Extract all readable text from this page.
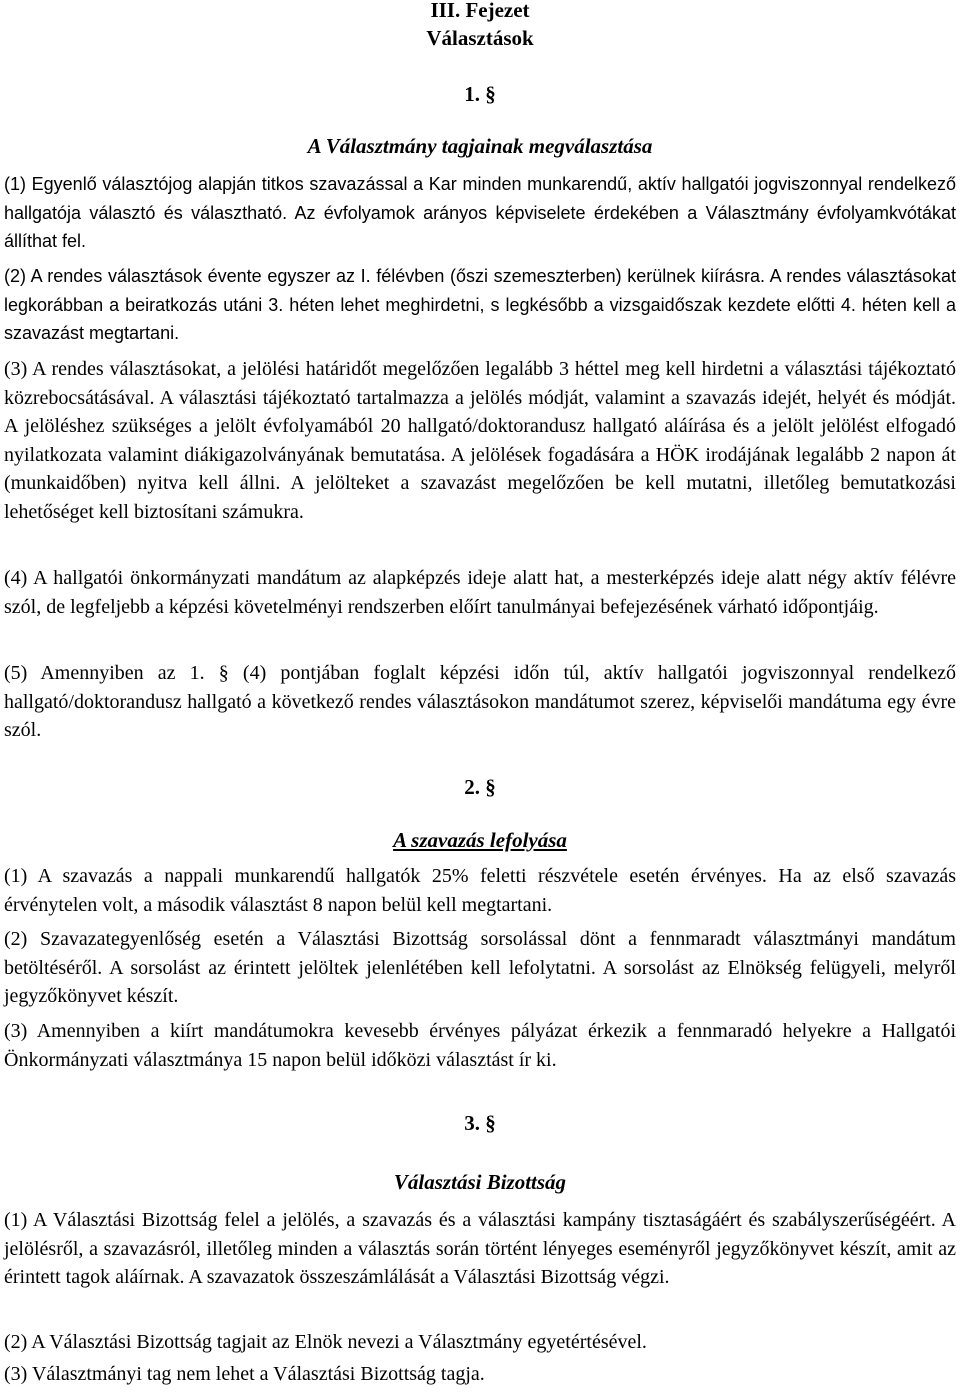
III. Fejezet
Választások
1. §
A Választmány tagjainak megválasztása
(1) Egyenlő választójog alapján titkos szavazással a Kar minden munkarendű, aktív hallgatói jogviszonnyal rendelkező hallgatója választó és választható. Az évfolyamok arányos képviselete érdekében a Választmány évfolyamkvótákat állíthat fel.
(2) A rendes választások évente egyszer az I. félévben (őszi szemeszterben) kerülnek kiírásra. A rendes választásokat legkorábban a beiratkozás utáni 3. héten lehet meghirdetni, s legkésőbb a vizsgaidőszak kezdete előtti 4. héten kell a szavazást megtartani.
(3) A rendes választásokat, a jelölési határidőt megelőzően legalább 3 héttel meg kell hirdetni a választási tájékoztató közrebocsátásával. A választási tájékoztató tartalmazza a jelölés módját, valamint a szavazás idejét, helyét és módját. A jelöléshez szükséges a jelölt évfolyamából 20 hallgató/doktorandusz hallgató aláírása és a jelölt jelölést elfogadó nyilatkozata valamint diákigazolványának bemutatása. A jelölések fogadására a HÖK irodájának legalább 2 napon át (munkaidőben) nyitva kell állni. A jelölteket a szavazást megelőzően be kell mutatni, illetőleg bemutatkozási lehetőséget kell biztosítani számukra.
(4) A hallgatói önkormányzati mandátum az alapképzés ideje alatt hat, a mesterképzés ideje alatt négy aktív félévre szól, de legfeljebb a képzési követelményi rendszerben előírt tanulmányai befejezésének várható időpontjáig.
(5) Amennyiben az 1. § (4) pontjában foglalt képzési időn túl, aktív hallgatói jogviszonnyal rendelkező hallgató/doktorandusz hallgató a következő rendes választásokon mandátumot szerez, képviselői mandátuma egy évre szól.
2. §
A szavazás lefolyása
(1) A szavazás a nappali munkarendű hallgatók 25% feletti részvétele esetén érvényes. Ha az első szavazás érvénytelen volt, a második választást 8 napon belül kell megtartani.
(2) Szavazategyenlőség esetén a Választási Bizottság sorsolással dönt a fennmaradt választmányi mandátum betöltéséről. A sorsolást az érintett jelöltek jelenlétében kell lefolytatni. A sorsolást az Elnökség felügyeli, melyről jegyzőkönyvet készít.
(3) Amennyiben a kiírt mandátumokra kevesebb érvényes pályázat érkezik a fennmaradó helyekre a Hallgatói Önkormányzati választmánya 15 napon belül időközi választást ír ki.
3. §
Választási Bizottság
(1) A Választási Bizottság felel a jelölés, a szavazás és a választási kampány tisztaságáért és szabályszerűségéért. A jelölésről, a szavazásról, illetőleg minden a választás során történt lényeges eseményről jegyzőkönyvet készít, amit az érintett tagok aláírnak. A szavazatok összeszámlálását a Választási Bizottság végzi.
(2) A Választási Bizottság tagjait az Elnök nevezi a Választmány egyetértésével.
(3) Választmányi tag nem lehet a Választási Bizottság tagja.
